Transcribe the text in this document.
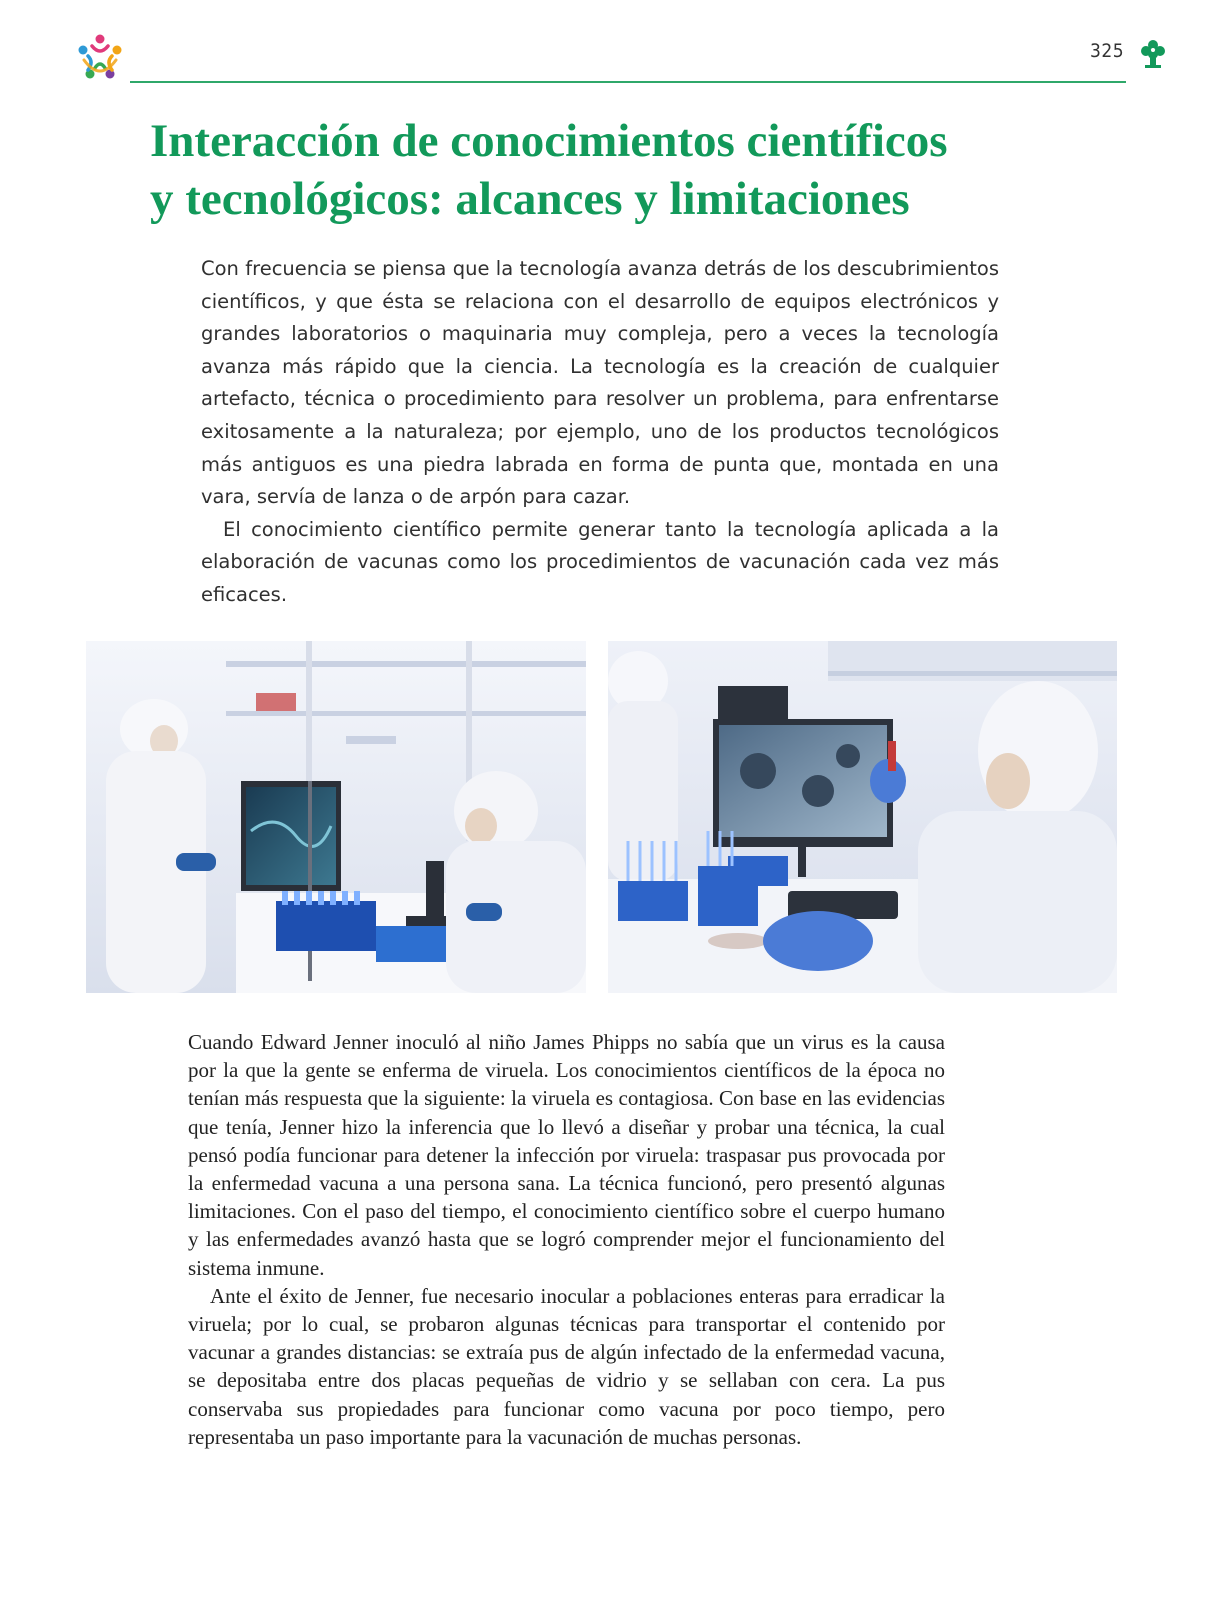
325
Interacción de conocimientos científicos
y tecnológicos: alcances y limitaciones

Con frecuencia se piensa que la tecnología avanza detrás de los descubrimientos científicos, y que ésta se relaciona con el desarrollo de equipos electrónicos y grandes laboratorios o maquinaria muy compleja, pero a veces la tecnología avanza más rápido que la ciencia. La tecnología es la creación de cualquier artefacto, técnica o procedimiento para resolver un problema, para enfrentarse exitosamente a la naturaleza; por ejemplo, uno de los productos tecnológicos más antiguos es una piedra labrada en forma de punta que, montada en una vara, servía de lanza o de arpón para cazar.

El conocimiento científico permite generar tanto la tecnología aplicada a la elaboración de vacunas como los procedimientos de vacunación cada vez más eficaces.

Cuando Edward Jenner inoculó al niño James Phipps no sabía que un virus es la causa por la que la gente se enferma de viruela. Los conocimientos científicos de la época no tenían más respuesta que la siguiente: la viruela es contagiosa. Con base en las evidencias que tenía, Jenner hizo la inferencia que lo llevó a diseñar y probar una técnica, la cual pensó podía funcionar para detener la infección por viruela: traspasar pus provocada por la enfermedad vacuna a una persona sana. La técnica funcionó, pero presentó algunas limitaciones. Con el paso del tiempo, el conocimiento científico sobre el cuerpo humano y las enfermedades avanzó hasta que se logró comprender mejor el funcionamiento del sistema inmune.

Ante el éxito de Jenner, fue necesario inocular a poblaciones enteras para erradicar la viruela; por lo cual, se probaron algunas técnicas para transportar el contenido por vacunar a grandes distancias: se extraía pus de algún infectado de la enfermedad vacuna, se depositaba entre dos placas pequeñas de vidrio y se sellaban con cera. La pus conservaba sus propiedades para funcionar como vacuna por poco tiempo, pero representaba un paso importante para la vacunación de muchas personas.
